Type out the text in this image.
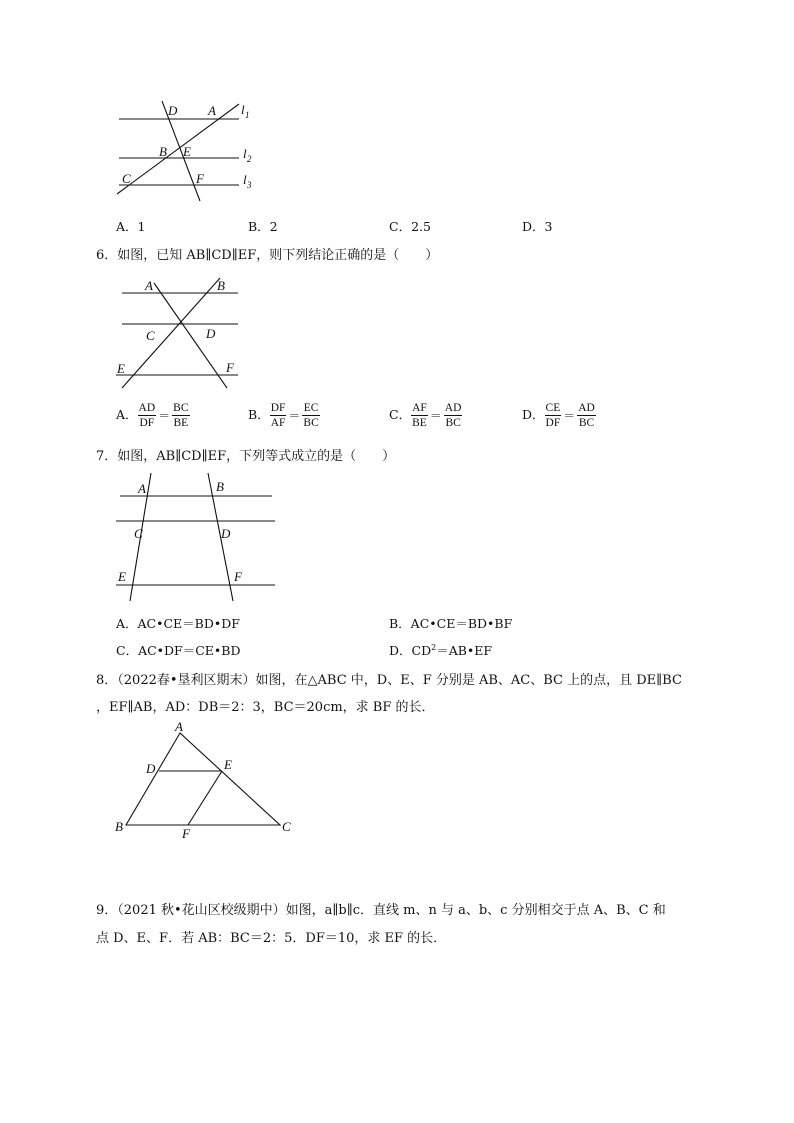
D A l 1
B E	l 2
C	F	l 3
A．1	B．2	C．2.5	D．3
6．如图，已知 AB∥CD∥EF，则下列结论正确的是（　　）
A	B
C	D
E	F
A． $\frac{AD}{DF} = \frac{BC}{BE}$	B． $\frac{DF}{AF} = \frac{EC}{BC}$	C． $\frac{AF}{BE} = \frac{AD}{BC}$	D． $\frac{CE}{DF} = \frac{AD}{BC}$
7．如图，AB∥CD∥EF，下列等式成立的是（　　）
A	B
C	D
E	F
A．AC•CE＝BD•DF	B．AC•CE＝BD•BF
C．AC•DF＝CE•BD	D．$CD^2=AB•EF$
8．（2022春•垦利区期末）如图，在△ABC 中，D、E、F 分别是 AB、AC、BC 上的点，且 DE∥BC
，EF∥AB，AD：DB＝2：3，BC＝20cm，求 BF 的长．
A
D	E
B	F	C
9．（2021 秋•花山区校级期中）如图，a∥b∥c．直线 m、n 与 a、b、c 分别相交于点 A、B、C 和
点 D、E、F．若 AB：BC＝2：5．DF＝10，求 EF 的长．
